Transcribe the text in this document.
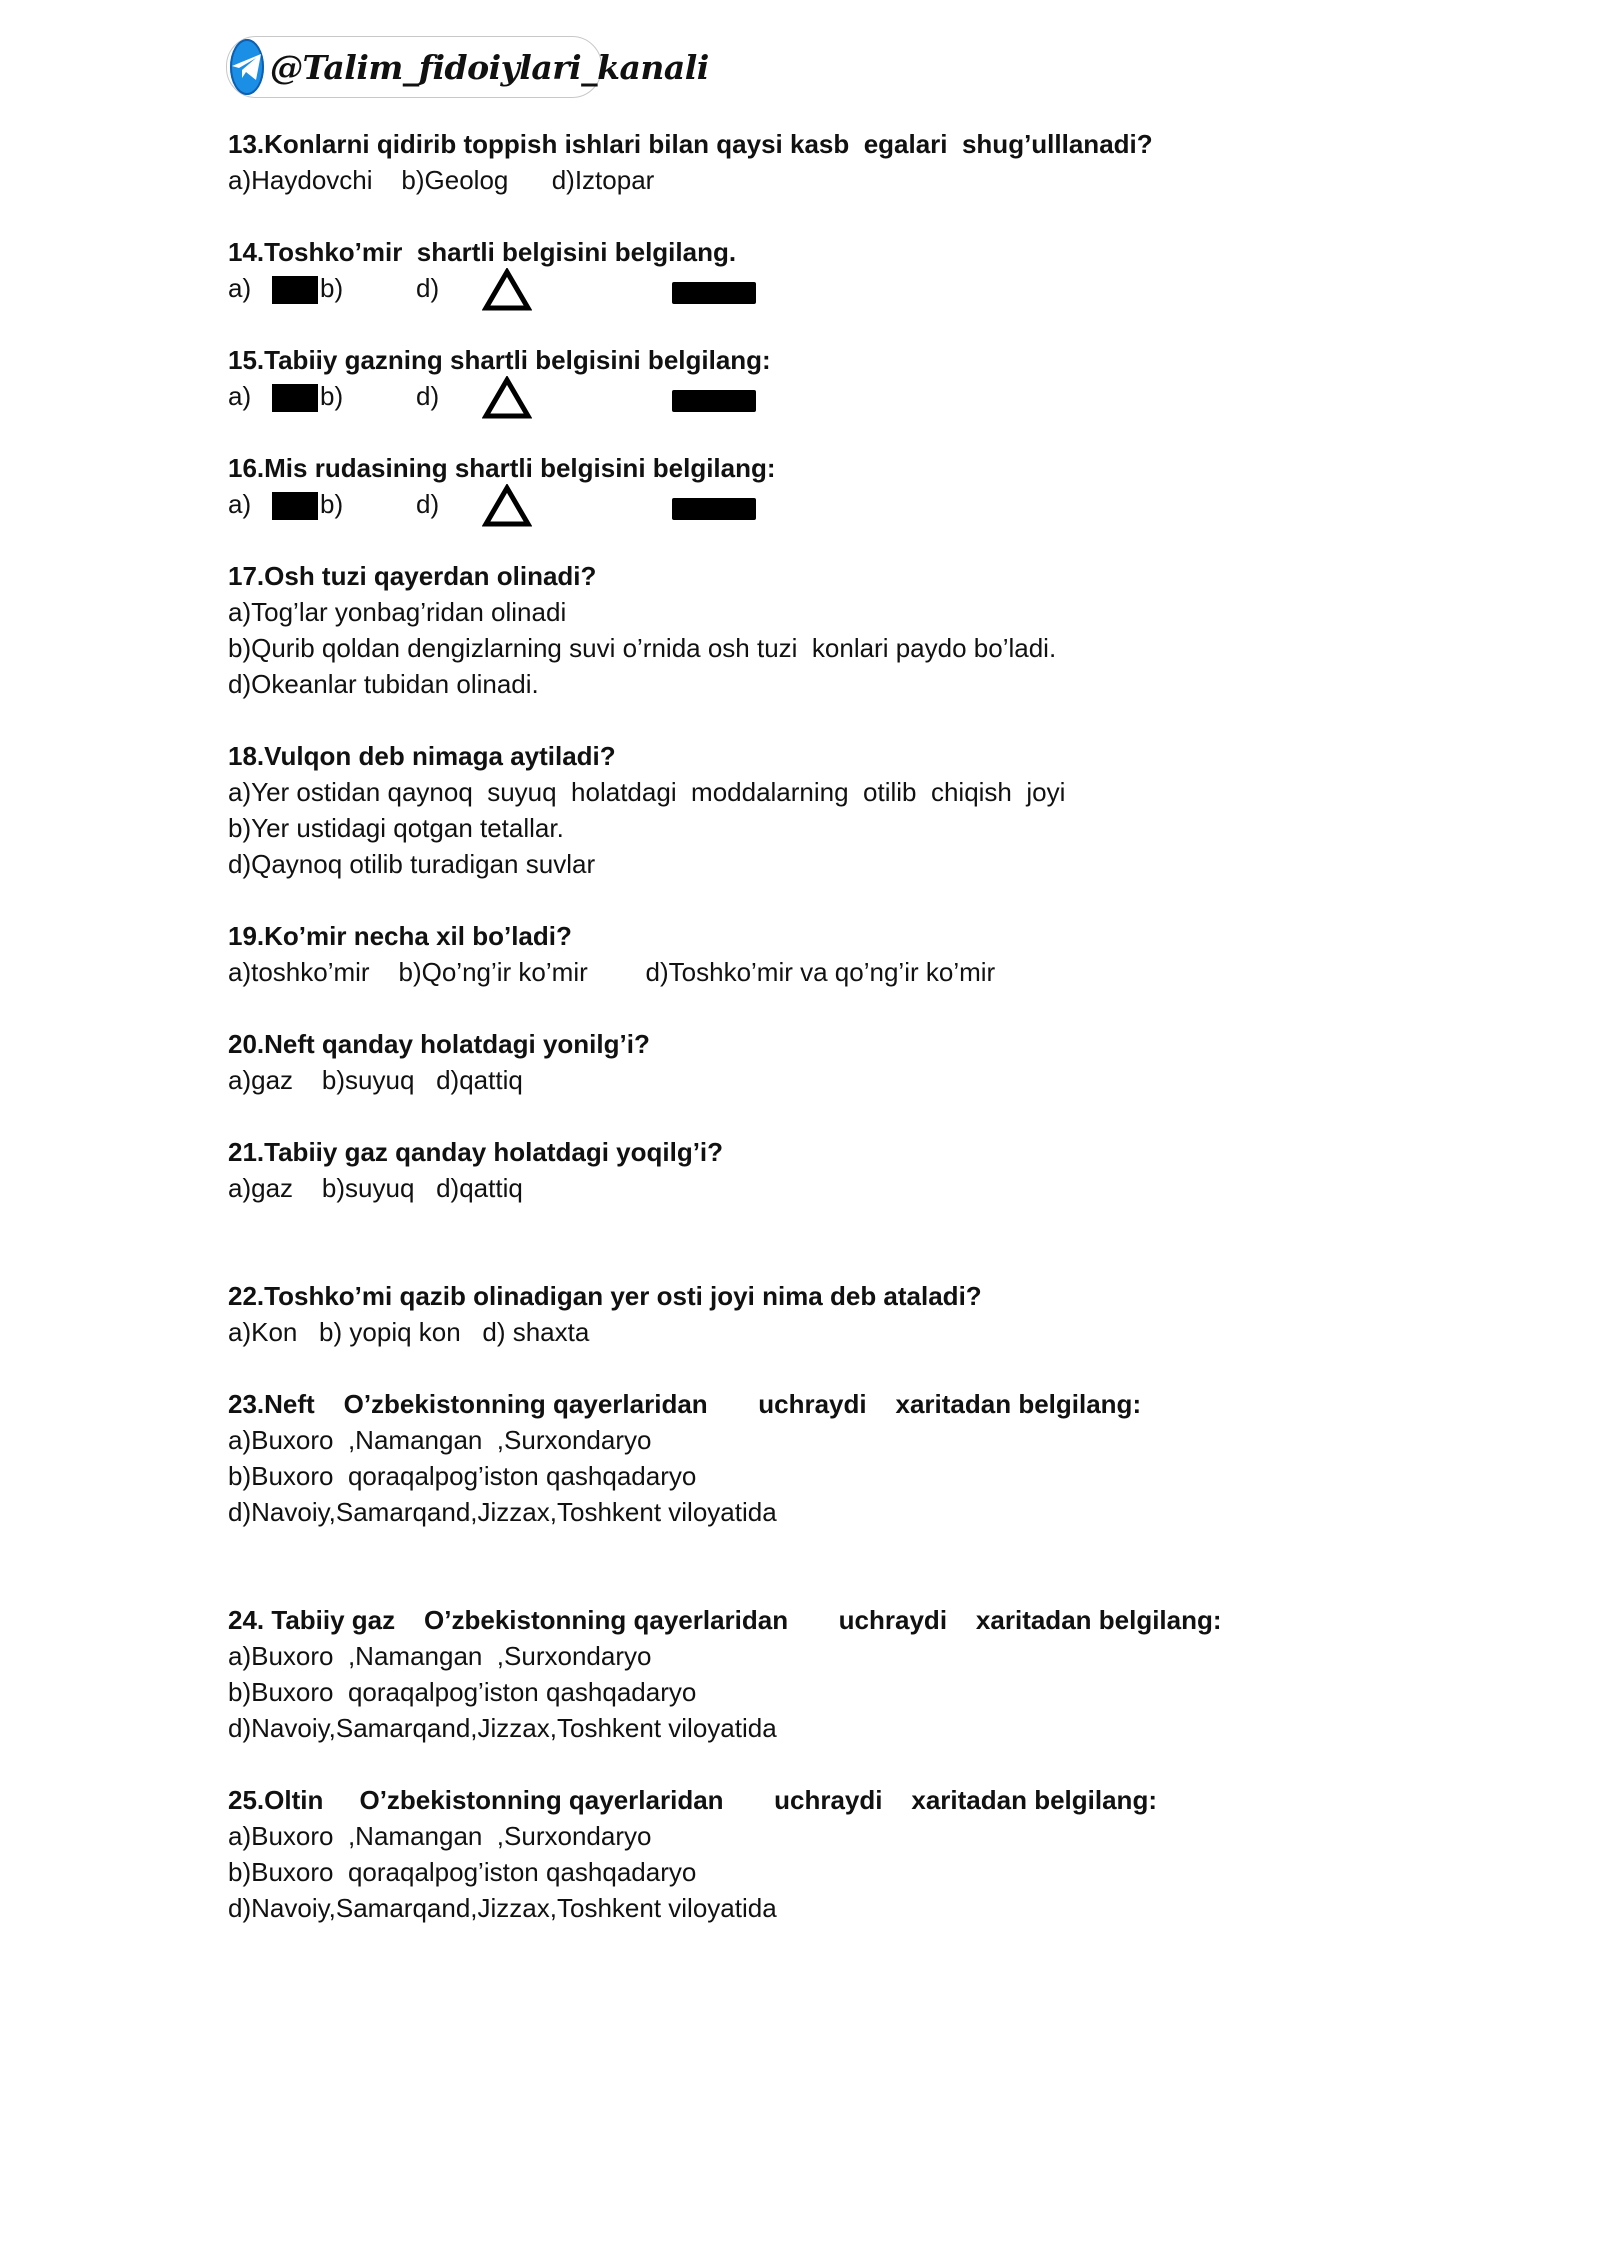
@Talim_fidoiylari_kanali
13.Konlarni qidirib toppish ishlari bilan qaysi kasb  egalari  shug’ulllanadi?
a)Haydovchi    b)Geolog      d)Iztopar
14.Toshko’mir  shartli belgisini belgilang.
a)	b)	d)
15.Tabiiy gazning shartli belgisini belgilang:
a)	b)	d)
16.Mis rudasining shartli belgisini belgilang:
a)	b)	d)
17.Osh tuzi qayerdan olinadi?
a)Tog’lar yonbag’ridan olinadi
b)Qurib qoldan dengizlarning suvi o’rnida osh tuzi  konlari paydo bo’ladi.
d)Okeanlar tubidan olinadi.
18.Vulqon deb nimaga aytiladi?
a)Yer ostidan qaynoq  suyuq  holatdagi  moddalarning  otilib  chiqish  joyi
b)Yer ustidagi qotgan tetallar.
d)Qaynoq otilib turadigan suvlar
19.Ko’mir necha xil bo’ladi?
a)toshko’mir    b)Qo’ng’ir ko’mir        d)Toshko’mir va qo’ng’ir ko’mir
20.Neft qanday holatdagi yonilg’i?
a)gaz    b)suyuq   d)qattiq
21.Tabiiy gaz qanday holatdagi yoqilg’i?
a)gaz    b)suyuq   d)qattiq
22.Toshko’mi qazib olinadigan yer osti joyi nima deb ataladi?
a)Kon   b) yopiq kon   d) shaxta
23.Neft    O’zbekistonning qayerlaridan       uchraydi    xaritadan belgilang:
a)Buxoro  ,Namangan  ,Surxondaryo
b)Buxoro  qoraqalpog’iston qashqadaryo
d)Navoiy,Samarqand,Jizzax,Toshkent viloyatida
24. Tabiiy gaz    O’zbekistonning qayerlaridan       uchraydi    xaritadan belgilang:
a)Buxoro  ,Namangan  ,Surxondaryo
b)Buxoro  qoraqalpog’iston qashqadaryo
d)Navoiy,Samarqand,Jizzax,Toshkent viloyatida
25.Oltin     O’zbekistonning qayerlaridan       uchraydi    xaritadan belgilang:
a)Buxoro  ,Namangan  ,Surxondaryo
b)Buxoro  qoraqalpog’iston qashqadaryo
d)Navoiy,Samarqand,Jizzax,Toshkent viloyatida
